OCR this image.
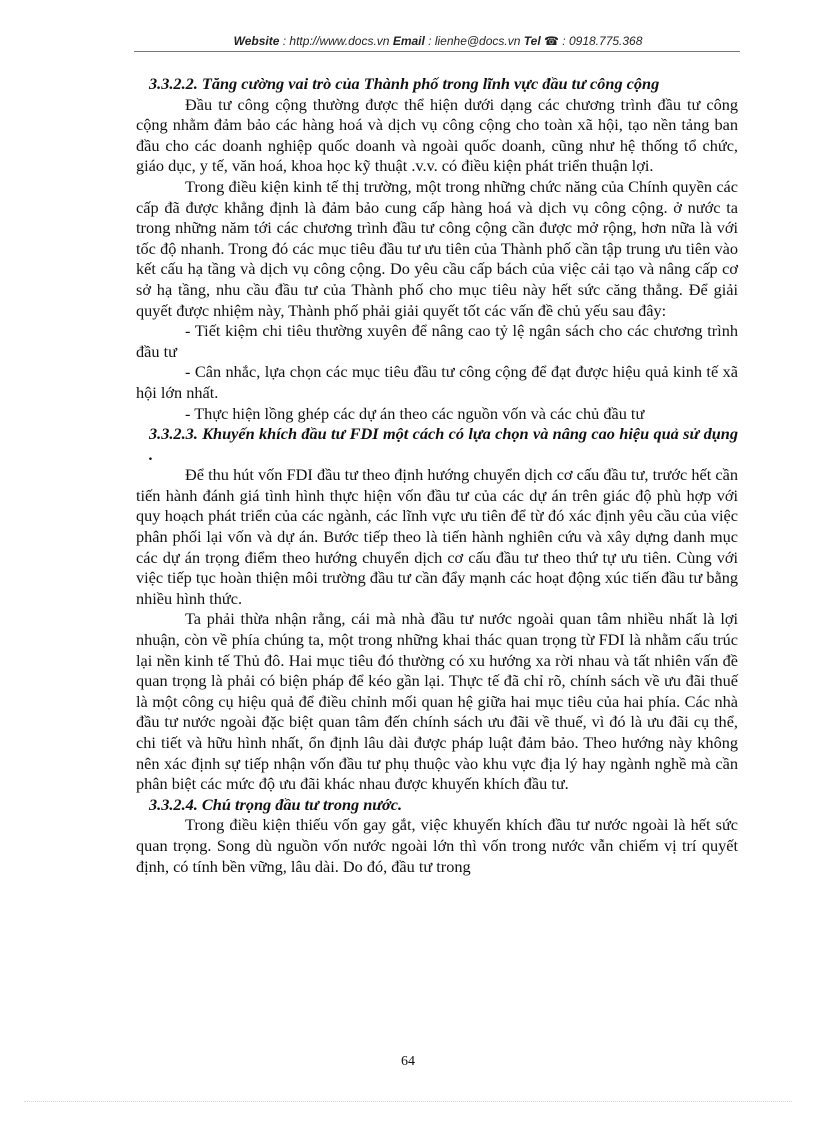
Website : http://www.docs.vn Email : lienhe@docs.vn Tel ☎ : 0918.775.368

3.3.2.2. Tăng cường vai trò của Thành phố trong lĩnh vực đầu tư công cộng

Đầu tư công cộng thường được thể hiện dưới dạng các chương trình đầu tư công cộng nhằm đảm bảo các hàng hoá và dịch vụ công cộng cho toàn xã hội, tạo nền tảng ban đầu cho các doanh nghiệp quốc doanh và ngoài quốc doanh, cũng như hệ thống tổ chức, giáo dục, y tế, văn hoá, khoa học kỹ thuật .v.v. có điều kiện phát triển thuận lợi.

Trong điều kiện kinh tế thị trường, một trong những chức năng của Chính quyền các cấp đã được khẳng định là đảm bảo cung cấp hàng hoá và dịch vụ công cộng. ở nước ta trong những năm tới các chương trình đầu tư công cộng cần được mở rộng, hơn nữa là với tốc độ nhanh. Trong đó các mục tiêu đầu tư ưu tiên của Thành phố cần tập trung ưu tiên vào kết cấu hạ tầng và dịch vụ công cộng. Do yêu cầu cấp bách của việc cải tạo và nâng cấp cơ sở hạ tầng, nhu cầu đầu tư của Thành phố cho mục tiêu này hết sức căng thẳng. Để giải quyết được nhiệm này, Thành phố phải giải quyết tốt các vấn đề chủ yếu sau đây:

- Tiết kiệm chi tiêu thường xuyên để nâng cao tỷ lệ ngân sách cho các chương trình đầu tư

- Cân nhắc, lựa chọn các mục tiêu đầu tư công cộng để đạt được hiệu quả kinh tế xã hội lớn nhất.

- Thực hiện lồng ghép các dự án theo các nguồn vốn và các chủ đầu tư

3.3.2.3. Khuyến khích đầu tư FDI một cách có lựa chọn và nâng cao hiệu quả sử dụng .

Để thu hút vốn FDI đầu tư theo định hướng chuyển dịch cơ cấu đầu tư, trước hết cần tiến hành đánh giá tình hình thực hiện vốn đầu tư của các dự án trên giác độ phù hợp với quy hoạch phát triển của các ngành, các lĩnh vực ưu tiên để từ đó xác định yêu cầu của việc phân phối lại vốn và dự án. Bước tiếp theo là tiến hành nghiên cứu và xây dựng danh mục các dự án trọng điểm theo hướng chuyển dịch cơ cấu đầu tư theo thứ tự ưu tiên. Cùng với việc tiếp tục hoàn thiện môi trường đầu tư cần đẩy mạnh các hoạt động xúc tiến đầu tư bằng nhiều hình thức.

Ta phải thừa nhận rằng, cái mà nhà đầu tư nước ngoài quan tâm nhiều nhất là lợi nhuận, còn về phía chúng ta, một trong những khai thác quan trọng từ FDI là nhằm cấu trúc lại nền kinh tế Thủ đô. Hai mục tiêu đó thường có xu hướng xa rời nhau và tất nhiên vấn đề quan trọng là phải có biện pháp để kéo gần lại. Thực tế đã chỉ rõ, chính sách về ưu đãi thuế là một công cụ hiệu quả để điều chỉnh mối quan hệ giữa hai mục tiêu của hai phía. Các nhà đầu tư nước ngoài đặc biệt quan tâm đến chính sách ưu đãi về thuế, vì đó là ưu đãi cụ thể, chi tiết và hữu hình nhất, ổn định lâu dài được pháp luật đảm bảo. Theo hướng này không nên xác định sự tiếp nhận vốn đầu tư phụ thuộc vào khu vực địa lý hay ngành nghề mà cần phân biệt các mức độ ưu đãi khác nhau được khuyến khích đầu tư.

3.3.2.4. Chú trọng đầu tư trong nước.

Trong điều kiện thiếu vốn gay gắt, việc khuyến khích đầu tư nước ngoài là hết sức quan trọng. Song dù nguồn vốn nước ngoài lớn thì vốn trong nước vẫn chiếm vị trí quyết định, có tính bền vững, lâu dài. Do đó, đầu tư trong

64
